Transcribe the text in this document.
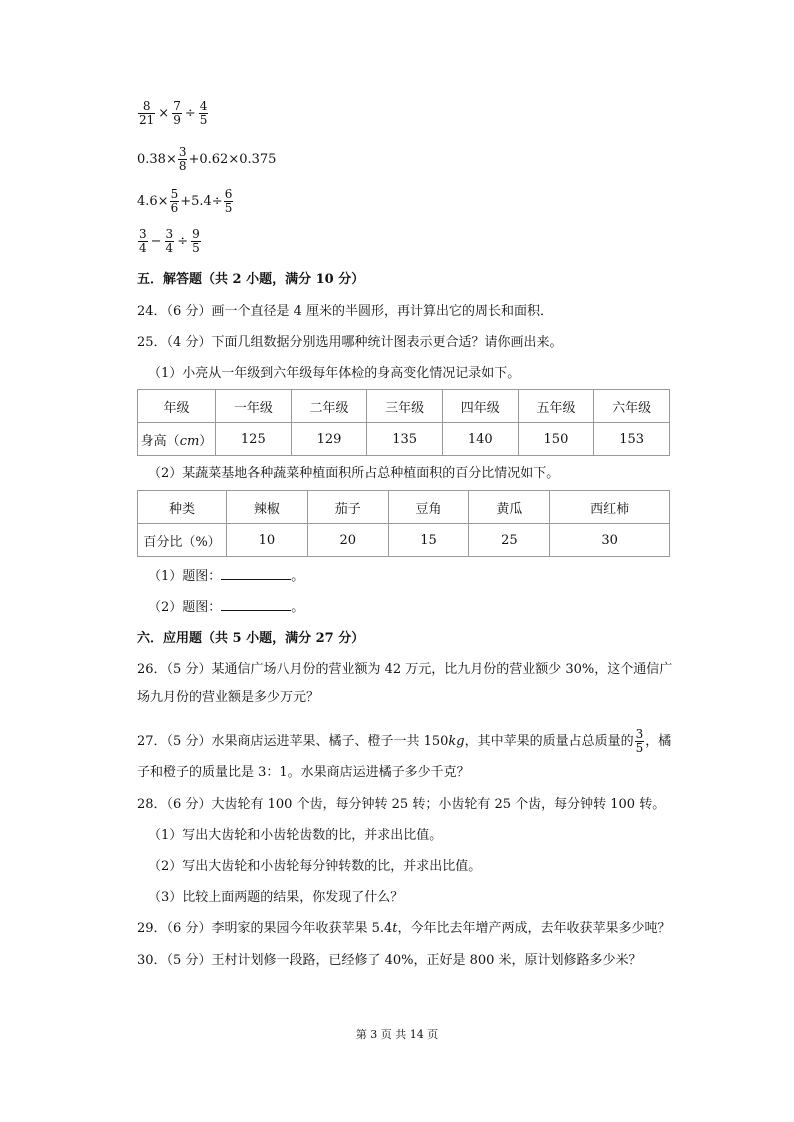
$\frac{8}{21} \times \frac{7}{9} \div \frac{4}{5}$
$0.38\times \frac{3}{8} +0.62\times 0.375$
$4.6\times \frac{5}{6} +5.4\div \frac{6}{5}$
$\frac{3}{4} - \frac{3}{4} \div \frac{9}{5}$
五．解答题（共 2 小题，满分 10 分）
24．（6 分）画一个直径是 4 厘米的半圆形，再计算出它的周长和面积．
25．（4 分）下面几组数据分别选用哪种统计图表示更合适？请你画出来。
（1）小亮从一年级到六年级每年体检的身高变化情况记录如下。
年级	一年级	二年级	三年级	四年级	五年级	六年级
身高（cm）	125	129	135	140	150	153
（2）某蔬菜基地各种蔬菜种植面积所占总种植面积的百分比情况如下。
种类	辣椒	茄子	豆角	黄瓜	西红柿
百分比（%）	10	20	15	25	30
（1）题图：	。
（2）题图：	。
六．应用题（共 5 小题，满分 27 分）
26．（5 分）某通信广场八月份的营业额为 42 万元，比九月份的营业额少 30%，这个通信广
场九月份的营业额是多少万元？
27．（5 分）水果商店运进苹果、橘子、橙子一共 150kg，其中苹果的质量占总质量的 $\frac{3}{5}$ ，橘
子和橙子的质量比是 3：1。水果商店运进橘子多少千克？
28．（6 分）大齿轮有 100 个齿，每分钟转 25 转；小齿轮有 25 个齿，每分钟转 100 转。
（1）写出大齿轮和小齿轮齿数的比，并求出比值。
（2）写出大齿轮和小齿轮每分钟转数的比，并求出比值。
（3）比较上面两题的结果，你发现了什么？
29．（6 分）李明家的果园今年收获苹果 5.4t，今年比去年增产两成，去年收获苹果多少吨？
30．（5 分）王村计划修一段路，已经修了 40%，正好是 800 米，原计划修路多少米？
第 3 页 共 14 页
